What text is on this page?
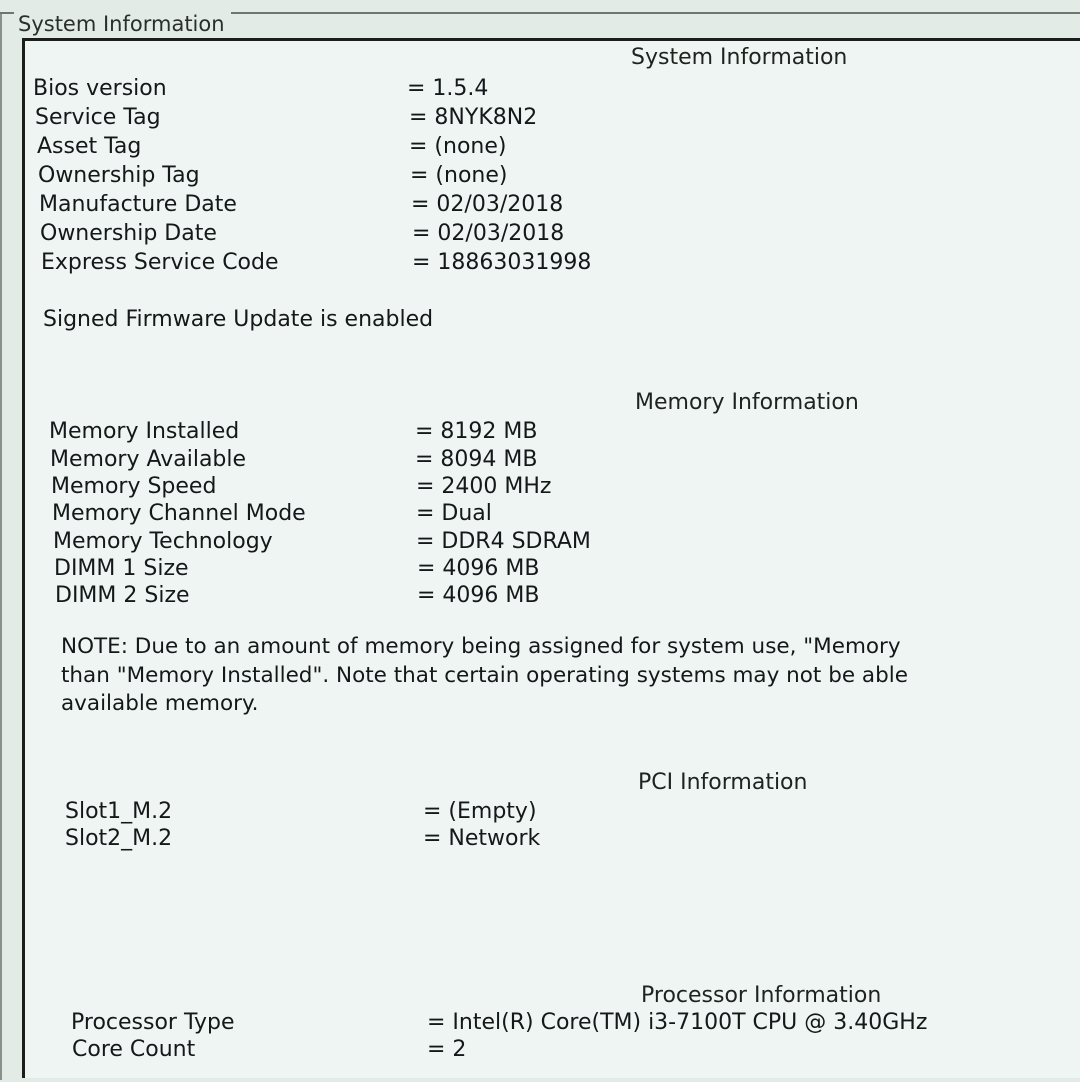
System Information
System Information
Bios version	= 1.5.4
Service Tag	= 8NYK8N2
Asset Tag	= (none)
Ownership Tag	= (none)
Manufacture Date	= 02/03/2018
Ownership Date	= 02/03/2018
Express Service Code	= 18863031998
Signed Firmware Update is enabled
Memory Information
Memory Installed	= 8192 MB
Memory Available	= 8094 MB
Memory Speed	= 2400 MHz
Memory Channel Mode	= Dual
Memory Technology	= DDR4 SDRAM
DIMM 1 Size	= 4096 MB
DIMM 2 Size	= 4096 MB
NOTE: Due to an amount of memory being assigned for system use, "Memory
than "Memory Installed". Note that certain operating systems may not be able
available memory.
PCI Information
Slot1_M.2	= (Empty)
Slot2_M.2	= Network
Processor Information
Processor Type	= Intel(R) Core(TM) i3-7100T CPU @ 3.40GHz
Core Count	= 2
